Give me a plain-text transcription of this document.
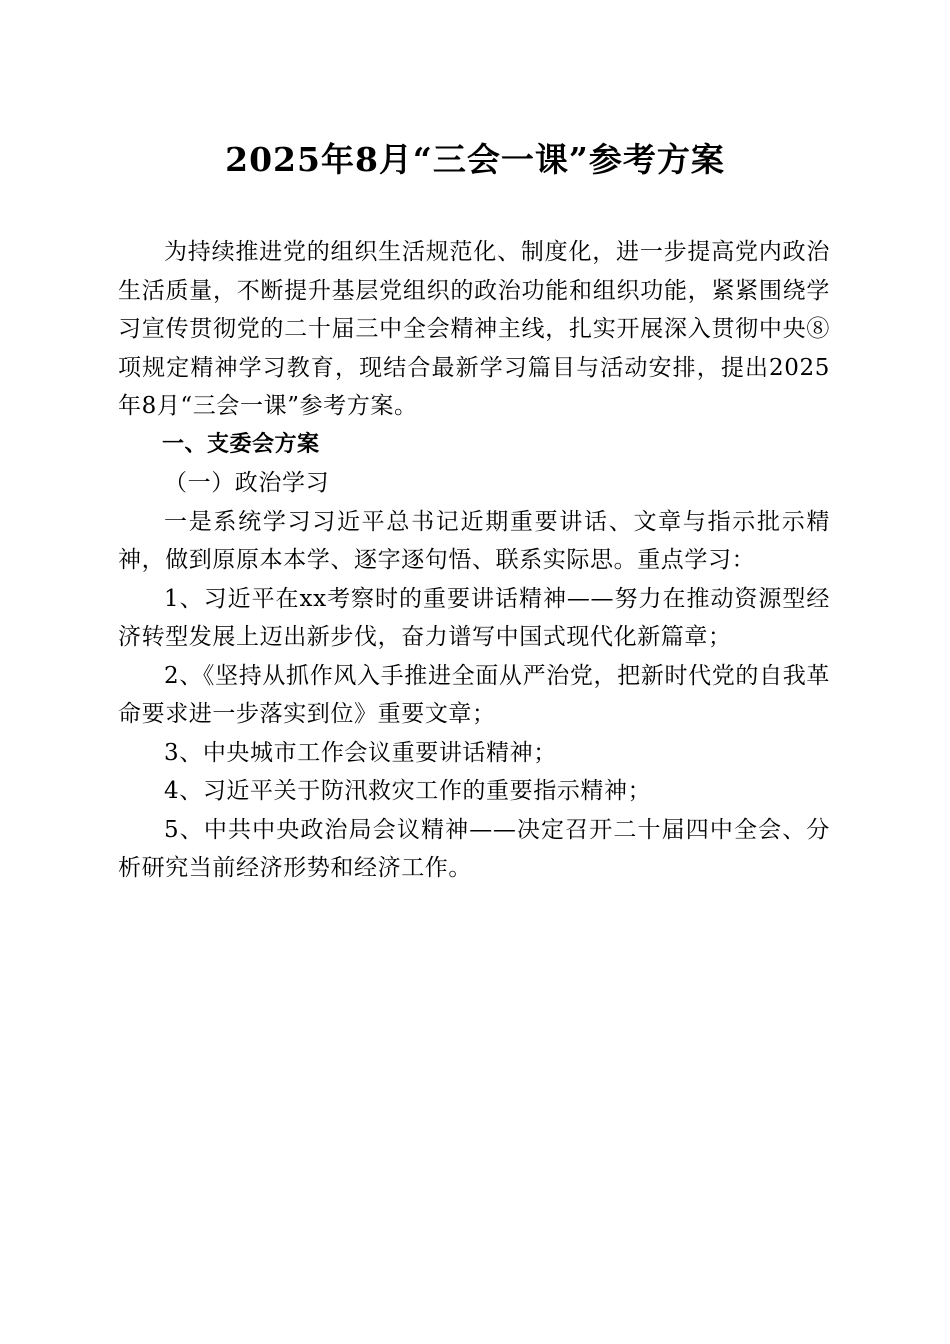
2025年8月“三会一课”参考方案

为持续推进党的组织生活规范化、制度化，进一步提高党内政治生活质量，不断提升基层党组织的政治功能和组织功能，紧紧围绕学习宣传贯彻党的二十届三中全会精神主线，扎实开展深入贯彻中央⑧项规定精神学习教育，现结合最新学习篇目与活动安排，提出2025年8月“三会一课”参考方案。

一、支委会方案
（一）政治学习

一是系统学习习近平总书记近期重要讲话、文章与指示批示精神，做到原原本本学、逐字逐句悟、联系实际思。重点学习：

1、习近平在xx考察时的重要讲话精神——努力在推动资源型经济转型发展上迈出新步伐，奋力谱写中国式现代化新篇章；

2、《坚持从抓作风入手推进全面从严治党，把新时代党的自我革命要求进一步落实到位》重要文章；

3、中央城市工作会议重要讲话精神；

4、习近平关于防汛救灾工作的重要指示精神；

5、中共中央政治局会议精神——决定召开二十届四中全会、分析研究当前经济形势和经济工作。
